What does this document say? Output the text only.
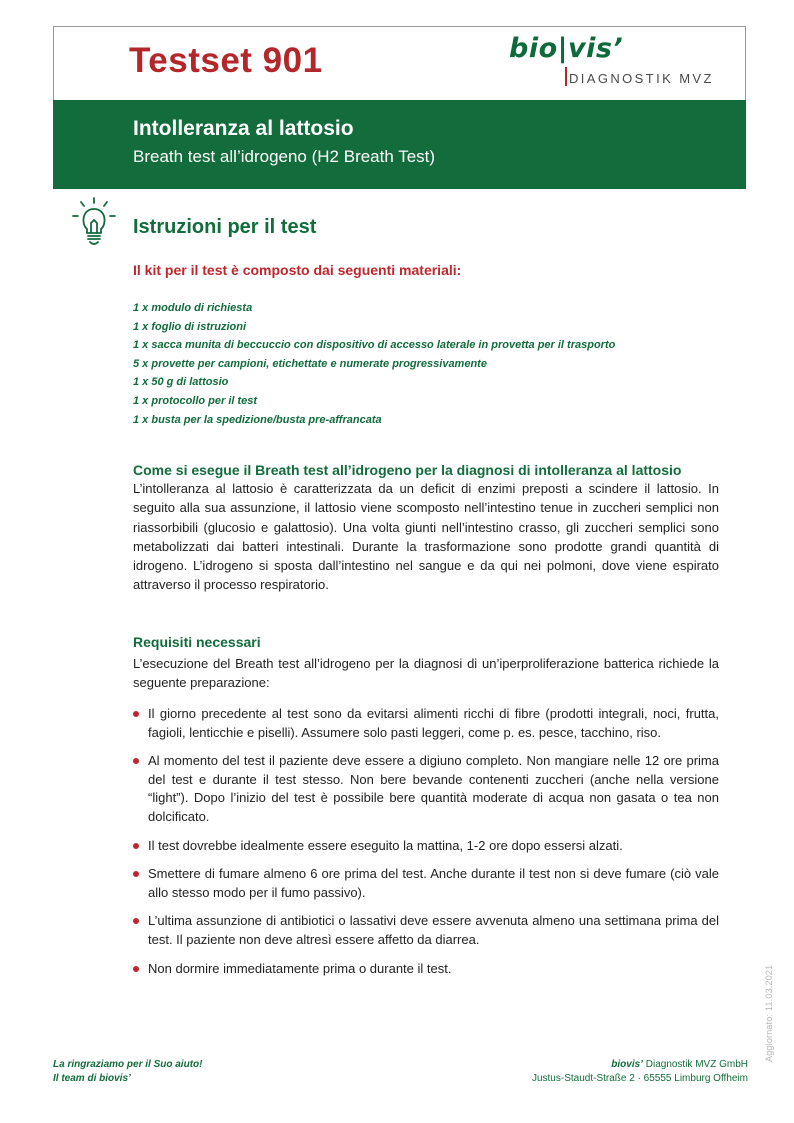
Testset 901	bio|vis’
DIAGNOSTIK MVZ
Intolleranza al lattosio

Breath test all’idrogeno (H2 Breath Test)

Istruzioni per il test
Il kit per il test è composto dai seguenti materiali:
1 x modulo di richiesta
1 x foglio di istruzioni
1 x sacca munita di beccuccio con dispositivo di accesso laterale in provetta per il trasporto
5 x provette per campioni, etichettate e numerate progressivamente
1 x 50 g di lattosio
1 x protocollo per il test
1 x busta per la spedizione/busta pre-affrancata
Come si esegue il Breath test all’idrogeno per la diagnosi di intolleranza al lattosio

L’intolleranza al lattosio è caratterizzata da un deficit di enzimi preposti a scindere il lattosio. In seguito alla sua assunzione, il lattosio viene scomposto nell’intestino tenue in zuccheri semplici non riassorbibili (glucosio e galattosio). Una volta giunti nell’intestino crasso, gli zuccheri semplici sono metabolizzati dai batteri intestinali. Durante la trasformazione sono prodotte grandi quantità di idrogeno. L’idrogeno si sposta dall’intestino nel sangue e da qui nei polmoni, dove viene espirato attraverso il processo respiratorio.

Requisiti necessari

L’esecuzione del Breath test all’idrogeno per la diagnosi di un’iperproliferazione batterica richiede la seguente preparazione:

Il giorno precedente al test sono da evitarsi alimenti ricchi di fibre (prodotti integrali, noci, frutta, fagioli, lenticchie e piselli). Assumere solo pasti leggeri, come p. es. pesce, tacchino, riso.
Al momento del test il paziente deve essere a digiuno completo. Non mangiare nelle 12 ore prima del test e durante il test stesso. Non bere bevande contenenti zuccheri (anche nella versione “light”). Dopo l’inizio del test è possibile bere quantità moderate di acqua non gasata o tea non dolcificato.
Il test dovrebbe idealmente essere eseguito la mattina, 1-2 ore dopo essersi alzati.
Smettere di fumare almeno 6 ore prima del test. Anche durante il test non si deve fumare (ciò vale allo stesso modo per il fumo passivo).
L’ultima assunzione di antibiotici o lassativi deve essere avvenuta almeno una settimana prima del test. Il paziente non deve altresì essere affetto da diarrea.
Non dormire immediatamente prima o durante il test.	Aggiornato: 11.03.2021
La ringraziamo per il Suo aiuto!
Il team di biovis’
biovis’ Diagnostik MVZ GmbH
Justus-Staudt-Straße 2 · 65555 Limburg Offheim
